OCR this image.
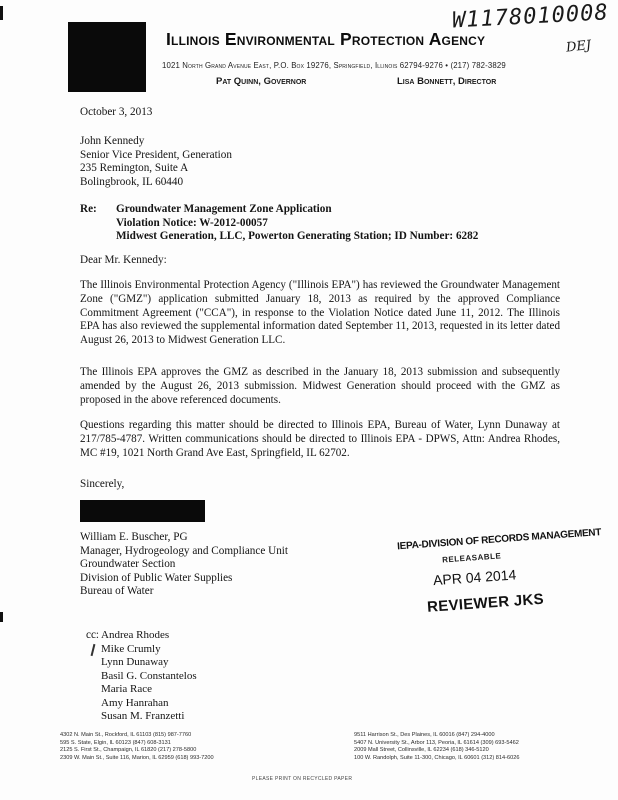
W1178010008
Illinois Environmental Protection Agency	DEJ
1021 North Grand Avenue East, P.O. Box 19276, Springfield, Illinois 62794-9276 • (217) 782-3829
Pat Quinn, Governor	Lisa Bonnett, Director
October 3, 2013
John Kennedy
Senior Vice President, Generation
235 Remington, Suite A
Bolingbrook, IL 60440
Re: Groundwater Management Zone Application
Violation Notice: W-2012-00057
Midwest Generation, LLC, Powerton Generating Station; ID Number: 6282
Dear Mr. Kennedy:
The Illinois Environmental Protection Agency ("Illinois EPA") has reviewed the Groundwater Management Zone ("GMZ") application submitted January 18, 2013 as required by the approved Compliance Commitment Agreement ("CCA"), in response to the Violation Notice dated June 11, 2012. The Illinois EPA has also reviewed the supplemental information dated September 11, 2013, requested in its letter dated August 26, 2013 to Midwest Generation LLC.
The Illinois EPA approves the GMZ as described in the January 18, 2013 submission and subsequently amended by the August 26, 2013 submission. Midwest Generation should proceed with the GMZ as proposed in the above referenced documents.
Questions regarding this matter should be directed to Illinois EPA, Bureau of Water, Lynn Dunaway at 217/785-4787. Written communications should be directed to Illinois EPA - DPWS, Attn: Andrea Rhodes, MC #19, 1021 North Grand Ave East, Springfield, IL 62702.
Sincerely,
William E. Buscher, PG
Manager, Hydrogeology and Compliance Unit
Groundwater Section
Division of Public Water Supplies
Bureau of Water
IEPA-DIVISION OF RECORDS MANAGEMENT
RELEASABLE
APR 04 2014
REVIEWER JKS
cc: Andrea Rhodes
Mike Crumly
Lynn Dunaway
Basil G. Constantelos
Maria Race
Amy Hanrahan
Susan M. Franzetti
4302 N. Main St., Rockford, IL 61103 (815) 987-7760
595 S. State, Elgin, IL 60123 (847) 608-3131
2125 S. First St., Champaign, IL 61820 (217) 278-5800
2309 W. Main St., Suite 116, Marion, IL 62959 (618) 993-7200
9511 Harrison St., Des Plaines, IL 60016 (847) 294-4000
5407 N. University St., Arbor 113, Peoria, IL 61614 (309) 693-5462
2009 Mall Street, Collinsville, IL 62234 (618) 346-5120
100 W. Randolph, Suite 11-300, Chicago, IL 60601 (312) 814-6026
PLEASE PRINT ON RECYCLED PAPER
